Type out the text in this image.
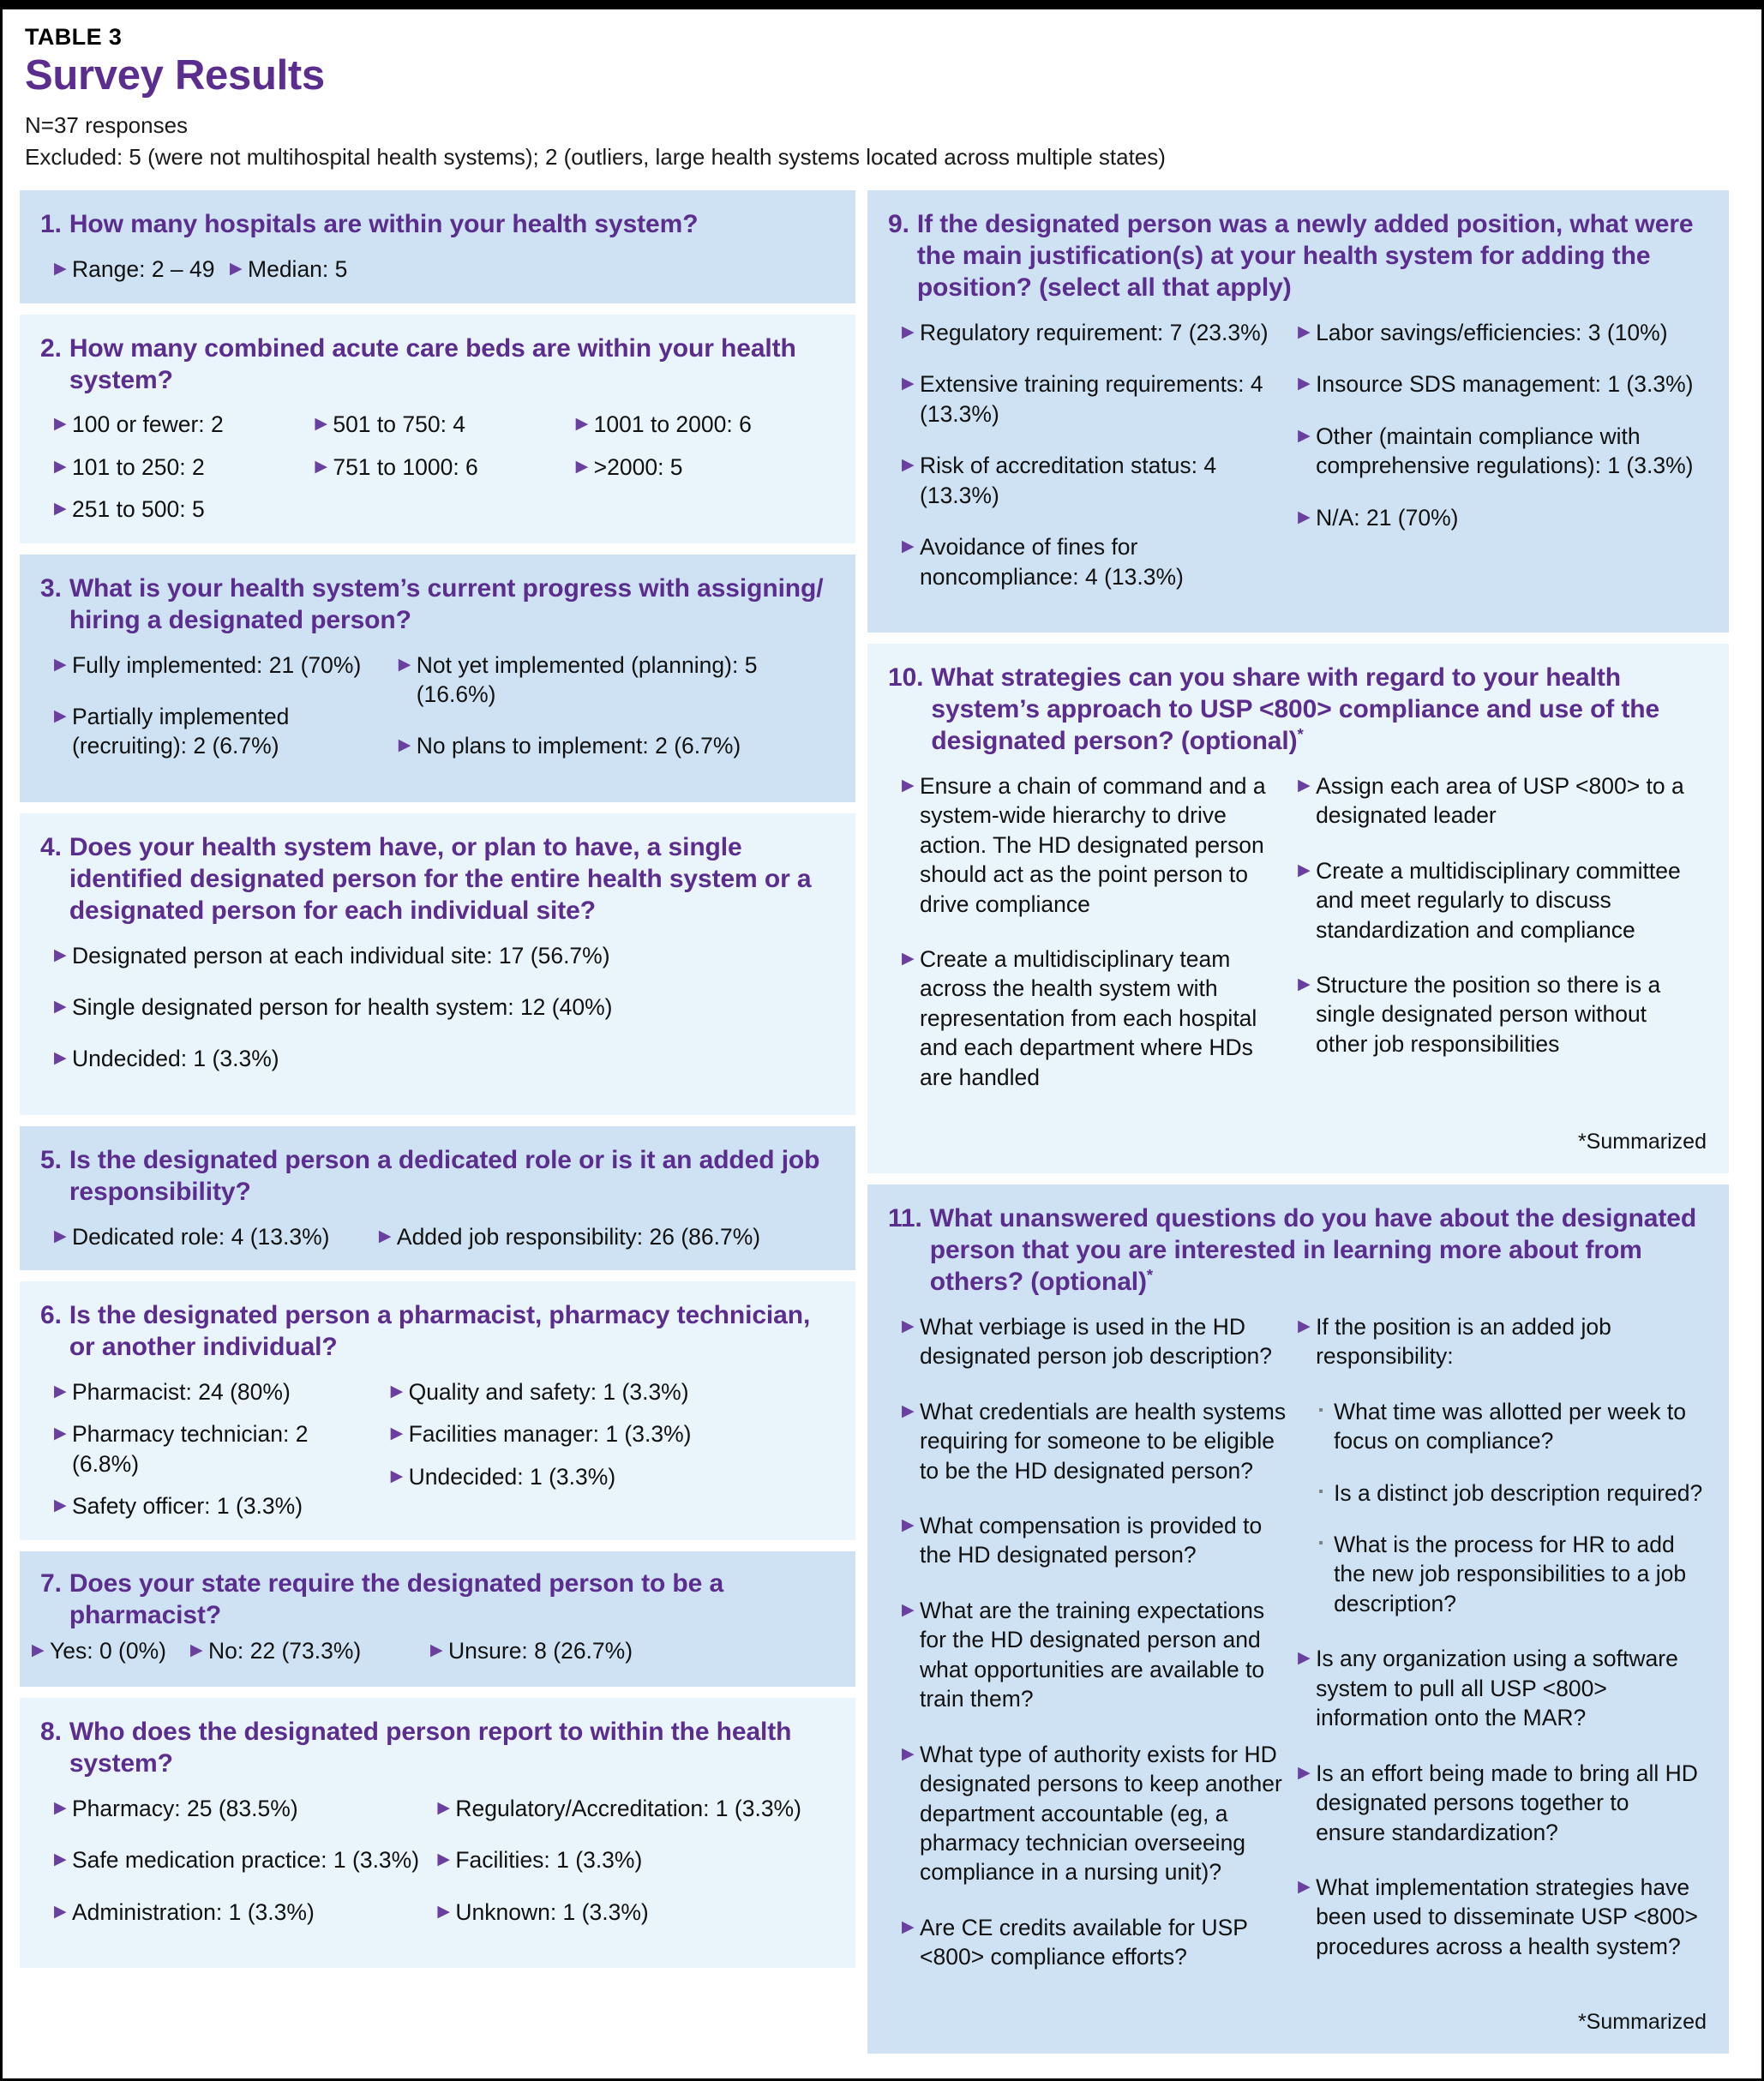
TABLE 3
Survey Results
N=37 responses
Excluded: 5 (were not multihospital health systems); 2 (outliers, large health systems located across multiple states)
1. How many hospitals are within your health system?
▶ Range: 2 – 49 ▶ Median: 5
2. How many combined acute care beds are within your health system?
▶ 100 or fewer: 2
▶ 101 to 250: 2
▶ 251 to 500: 5
▶ 501 to 750: 4
▶ 751 to 1000: 6
▶ 1001 to 2000: 6
▶ >2000: 5
3. What is your health system’s current progress with assigning/ hiring a designated person?
▶ Fully implemented: 21 (70%)
▶ Partially implemented (recruiting): 2 (6.7%)
▶ Not yet implemented (planning): 5 (16.6%)
▶ No plans to implement: 2 (6.7%)
4. Does your health system have, or plan to have, a single identified designated person for the entire health system or a designated person for each individual site?
▶ Designated person at each individual site: 17 (56.7%)
▶ Single designated person for health system: 12 (40%)
▶ Undecided: 1 (3.3%)
5. Is the designated person a dedicated role or is it an added job responsibility?
▶ Dedicated role: 4 (13.3%)	▶ Added job responsibility: 26 (86.7%)
6. Is the designated person a pharmacist, pharmacy technician, or another individual?
▶ Pharmacist: 24 (80%)
▶ Pharmacy technician: 2 (6.8%)
▶ Safety officer: 1 (3.3%)
▶ Quality and safety: 1 (3.3%)
▶ Facilities manager: 1 (3.3%)
▶ Undecided: 1 (3.3%)
7. Does your state require the designated person to be a pharmacist?
▶ Yes: 0 (0%)	▶ No: 22 (73.3%)	▶ Unsure: 8 (26.7%)
8. Who does the designated person report to within the health system?
▶ Pharmacy: 25 (83.5%)
▶ Safe medication practice: 1 (3.3%)
▶ Administration: 1 (3.3%)
▶ Regulatory/Accreditation: 1 (3.3%)
▶ Facilities: 1 (3.3%)
▶ Unknown: 1 (3.3%)
9. If the designated person was a newly added position, what were the main justification(s) at your health system for adding the position? (select all that apply)
▶ Regulatory requirement: 7 (23.3%)
▶ Extensive training requirements: 4 (13.3%)
▶ Risk of accreditation status: 4 (13.3%)
▶ Avoidance of fines for noncompliance: 4 (13.3%)
▶ Labor savings/efficiencies: 3 (10%)
▶ Insource SDS management: 1 (3.3%)
▶ Other (maintain compliance with comprehensive regulations): 1 (3.3%)
▶ N/A: 21 (70%)
10. What strategies can you share with regard to your health system’s approach to USP <800> compliance and use of the designated person? (optional)*
▶ Ensure a chain of command and a system-wide hierarchy to drive action. The HD designated person should act as the point person to drive compliance
▶ Create a multidisciplinary team across the health system with representation from each hospital and each department where HDs are handled
▶ Assign each area of USP <800> to a designated leader
▶ Create a multidisciplinary committee and meet regularly to discuss standardization and compliance
▶ Structure the position so there is a single designated person without other job responsibilities
*Summarized
11. What unanswered questions do you have about the designated person that you are interested in learning more about from others? (optional)*
▶ What verbiage is used in the HD designated person job description?
▶ What credentials are health systems requiring for someone to be eligible to be the HD designated person?
▶ What compensation is provided to the HD designated person?
▶ What are the training expectations for the HD designated person and what opportunities are available to train them?
▶ What type of authority exists for HD designated persons to keep another department accountable (eg, a pharmacy technician overseeing compliance in a nursing unit)?
▶ Are CE credits available for USP <800> compliance efforts?
▶ If the position is an added job responsibility:
▪ What time was allotted per week to focus on compliance?
▪ Is a distinct job description required?
▪ What is the process for HR to add the new job responsibilities to a job description?
▶ Is any organization using a software system to pull all USP <800> information onto the MAR?
▶ Is an effort being made to bring all HD designated persons together to ensure standardization?
▶ What implementation strategies have been used to disseminate USP <800> procedures across a health system?
*Summarized
